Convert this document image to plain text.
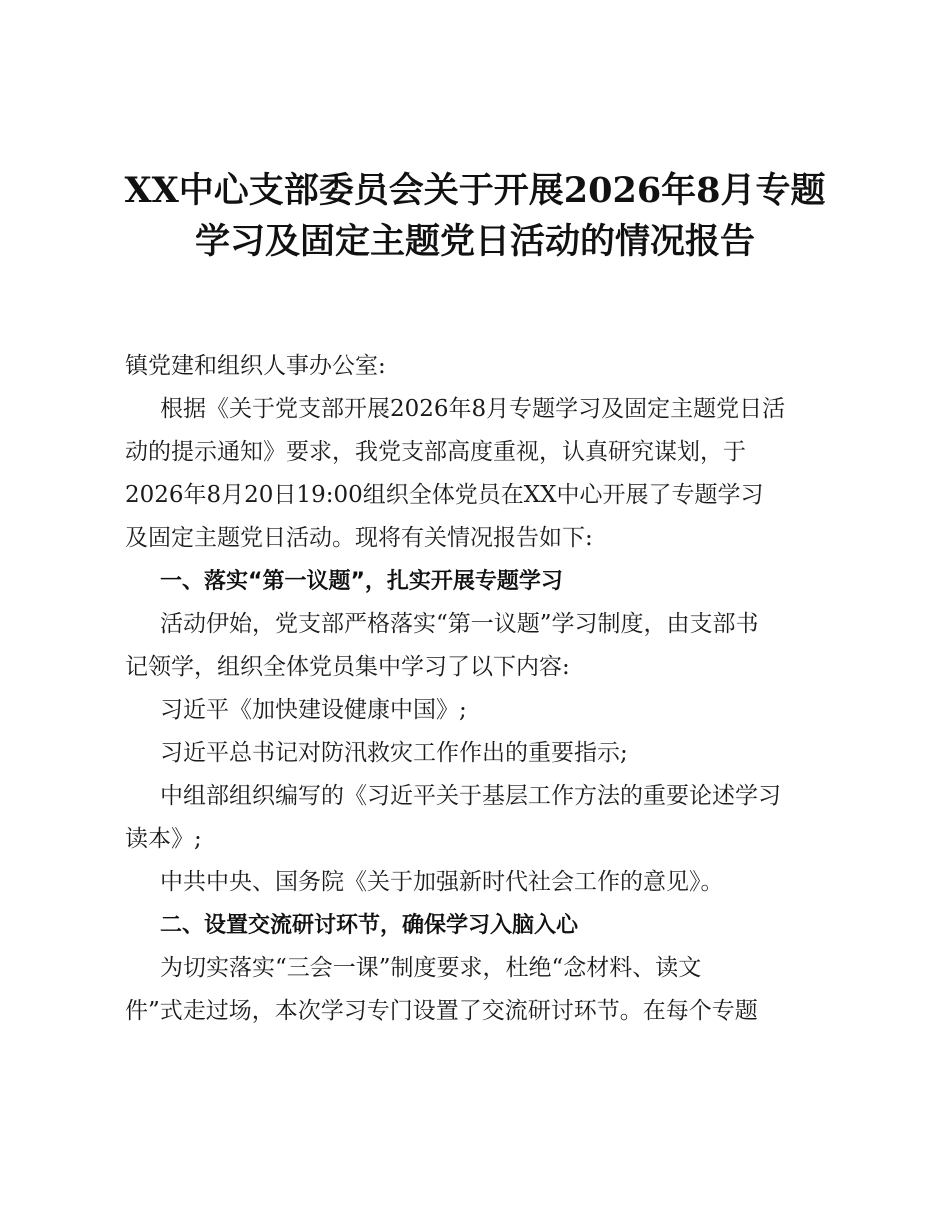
XX中心支部委员会关于开展2026年8月专题
学习及固定主题党日活动的情况报告
镇党建和组织人事办公室:
根据《关于党支部开展2026年8月专题学习及固定主题党日活
动的提示通知》要求，我党支部高度重视，认真研究谋划，于
2026年8月20日19:00组织全体党员在XX中心开展了专题学习
及固定主题党日活动。现将有关情况报告如下:
一、落实“第一议题”，扎实开展专题学习
活动伊始，党支部严格落实“第一议题”学习制度，由支部书
记领学，组织全体党员集中学习了以下内容:
习近平《加快建设健康中国》;
习近平总书记对防汛救灾工作作出的重要指示;
中组部组织编写的《习近平关于基层工作方法的重要论述学习
读本》;
中共中央、国务院《关于加强新时代社会工作的意见》。
二、设置交流研讨环节，确保学习入脑入心
为切实落实“三会一课”制度要求，杜绝“念材料、读文
件”式走过场，本次学习专门设置了交流研讨环节。在每个专题
